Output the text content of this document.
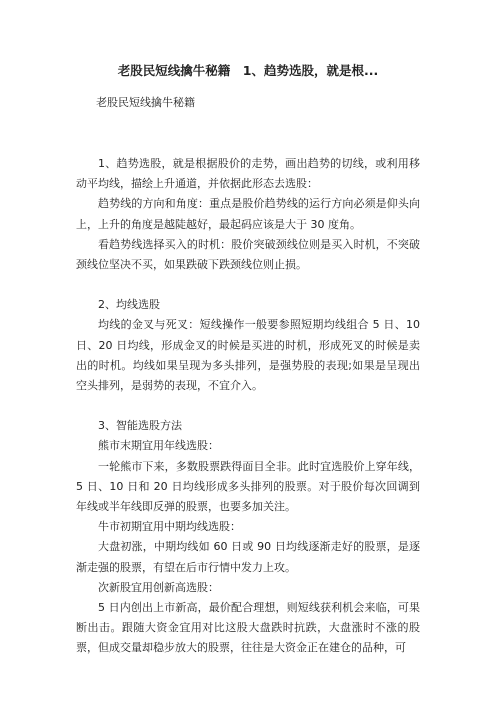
老股民短线擒牛秘籍　1、趋势选股，就是根...
老股民短线擒牛秘籍

1、趋势选股，就是根据股价的走势，画出趋势的切线，或利用移动平均线，描绘上升通道，并依据此形态去选股：

趋势线的方向和角度：重点是股价趋势线的运行方向必须是仰头向上，上升的角度是越陡越好，最起码应该是大于 30 度角。

看趋势线选择买入的时机：股价突破颈线位则是买入时机，不突破颈线位坚决不买，如果跌破下跌颈线位则止损。

2、均线选股

均线的金叉与死叉：短线操作一般要参照短期均线组合 5 日、10 日、20 日均线，形成金叉的时候是买进的时机，形成死叉的时候是卖出的时机。均线如果呈现为多头排列，是强势股的表现;如果是呈现出空头排列，是弱势的表现，不宜介入。

3、智能选股方法

熊市末期宜用年线选股：

一轮熊市下来，多数股票跌得面目全非。此时宜选股价上穿年线，5 日、10 日和 20 日均线形成多头排列的股票。对于股价每次回调到年线或半年线即反弹的股票，也要多加关注。

牛市初期宜用中期均线选股：

大盘初涨，中期均线如 60 日或 90 日均线逐渐走好的股票，是逐渐走强的股票，有望在后市行情中发力上攻。

次新股宜用创新高选股：

5 日内创出上市新高，最价配合理想，则短线获利机会来临，可果断出击。跟随大资金宜用对比这股大盘跌时抗跌，大盘涨时不涨的股票，但成交量却稳步放大的股票，往往是大资金正在建仓的品种，可
